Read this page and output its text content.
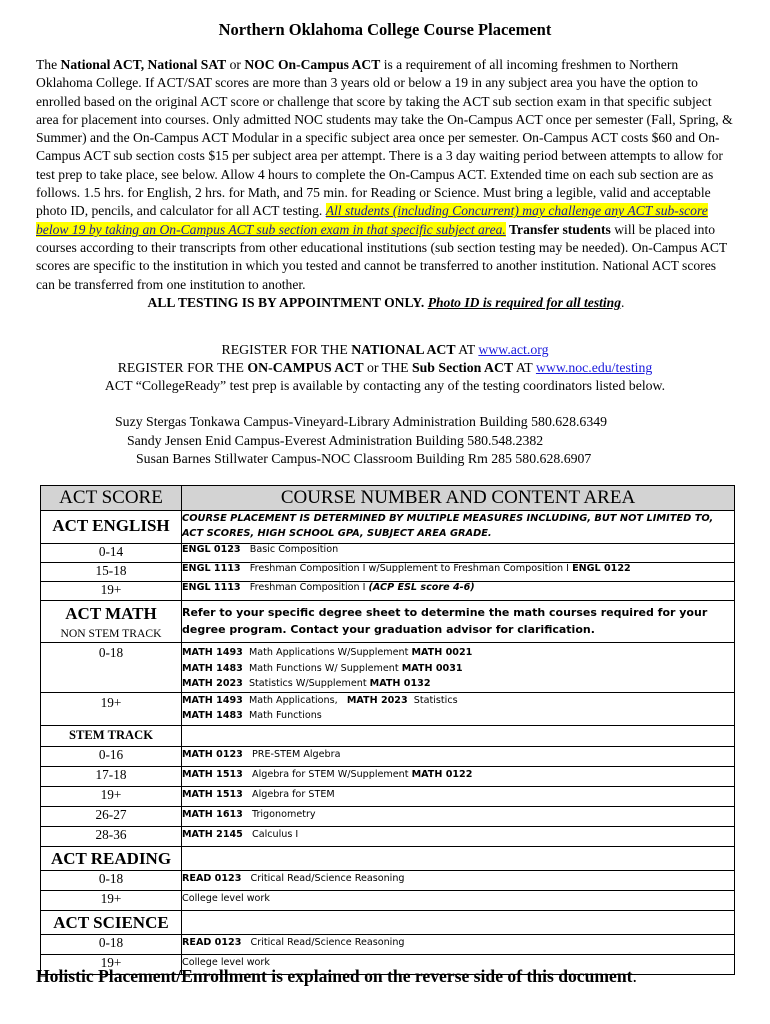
Northern Oklahoma College Course Placement
The National ACT, National SAT or NOC On-Campus ACT is a requirement of all incoming freshmen to Northern Oklahoma College. If ACT/SAT scores are more than 3 years old or below a 19 in any subject area you have the option to enrolled based on the original ACT score or challenge that score by taking the ACT sub section exam in that specific subject area for placement into courses. Only admitted NOC students may take the On-Campus ACT once per semester (Fall, Spring, & Summer) and the On-Campus ACT Modular in a specific subject area once per semester. On-Campus ACT costs $60 and On-Campus ACT sub section costs $15 per subject area per attempt. There is a 3 day waiting period between attempts to allow for test prep to take place, see below. Allow 4 hours to complete the On-Campus ACT. Extended time on each sub section are as follows. 1.5 hrs. for English, 2 hrs. for Math, and 75 min. for Reading or Science. Must bring a legible, valid and acceptable photo ID, pencils, and calculator for all ACT testing. All students (including Concurrent) may challenge any ACT sub-score below 19 by taking an On-Campus ACT sub section exam in that specific subject area. Transfer students will be placed into courses according to their transcripts from other educational institutions (sub section testing may be needed). On-Campus ACT scores are specific to the institution in which you tested and cannot be transferred to another institution. National ACT scores can be transferred from one institution to another.
ALL TESTING IS BY APPOINTMENT ONLY. Photo ID is required for all testing.
REGISTER FOR THE NATIONAL ACT AT www.act.org
REGISTER FOR THE ON-CAMPUS ACT or THE Sub Section ACT AT www.noc.edu/testing
ACT “CollegeReady” test prep is available by contacting any of the testing coordinators listed below.
Suzy Stergas Tonkawa Campus-Vineyard-Library Administration Building 580.628.6349
Sandy Jensen Enid Campus-Everest Administration Building 580.548.2382
Susan Barnes Stillwater Campus-NOC Classroom Building Rm 285 580.628.6907
ACT SCORE	COURSE NUMBER AND CONTENT AREA

ACT ENGLISH	COURSE PLACEMENT IS DETERMINED BY MULTIPLE MEASURES INCLUDING, BUT NOT LIMITED TO, ACT SCORES, HIGH SCHOOL GPA, SUBJECT AREA GRADE.

0-14	ENGL 0123 Basic Composition
15-18	ENGL 1113 Freshman Composition I w/Supplement to Freshman Composition I ENGL 0122
19+	ENGL 1113 Freshman Composition I (ACP ESL score 4-6)

ACT MATH
NON STEM TRACK	Refer to your specific degree sheet to determine the math courses required for your degree program. Contact your graduation advisor for clarification.

0-18	MATH 1493 Math Applications W/Supplement MATH 0021
MATH 1483 Math Functions W/ Supplement MATH 0031
MATH 2023 Statistics W/Supplement MATH 0132

19+	MATH 1493 Math Applications, MATH 2023 Statistics
MATH 1483 Math Functions

STEM TRACK	

0-16	MATH 0123 PRE-STEM Algebra
17-18	MATH 1513 Algebra for STEM W/Supplement MATH 0122
19+	MATH 1513 Algebra for STEM
26-27	MATH 1613 Trigonometry
28-36	MATH 2145 Calculus I

ACT READING	

0-18	READ 0123 Critical Read/Science Reasoning
19+	College level work

ACT SCIENCE	

0-18	READ 0123 Critical Read/Science Reasoning
19+	College level work
Holistic Placement/Enrollment is explained on the reverse side of this document.
